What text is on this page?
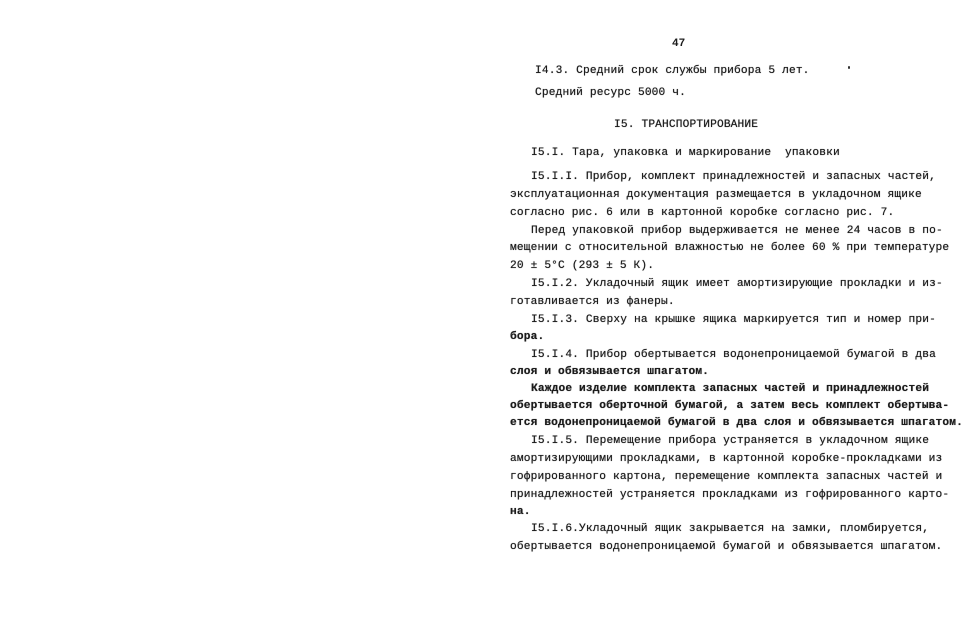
47
I4.3. Средний срок службы прибора 5 лет.
Средний ресурс 5000 ч.
I5. ТРАНСПОРТИРОВАНИЕ
I5.I. Тара, упаковка и маркирование  упаковки
I5.I.I. Прибор, комплект принадлежностей и запасных частей,
эксплуатационная документация размещается в укладочном ящике
согласно рис. 6 или в картонной коробке согласно рис. 7.
Перед упаковкой прибор выдерживается не менее 24 часов в по-
мещении с относительной влажностью не более 60 % при температуре
20 ± 5°C (293 ± 5 К).
I5.I.2. Укладочный ящик имеет амортизирующие прокладки и из-
готавливается из фанеры.
I5.I.3. Сверху на крышке ящика маркируется тип и номер при-
бора.
I5.I.4. Прибор обертывается водонепроницаемой бумагой в два
слоя и обвязывается шпагатом.
Каждое изделие комплекта запасных частей и принадлежностей
обертывается оберточной бумагой, а затем весь комплект обертыва-
ется водонепроницаемой бумагой в два слоя и обвязывается шпагатом.
I5.I.5. Перемещение прибора устраняется в укладочном ящике
амортизирующими прокладками, в картонной коробке-прокладками из
гофрированного картона, перемещение комплекта запасных частей и
принадлежностей устраняется прокладками из гофрированного карто-
на.
I5.I.6.Укладочный ящик закрывается на замки, пломбируется,
обертывается водонепроницаемой бумагой и обвязывается шпагатом.
